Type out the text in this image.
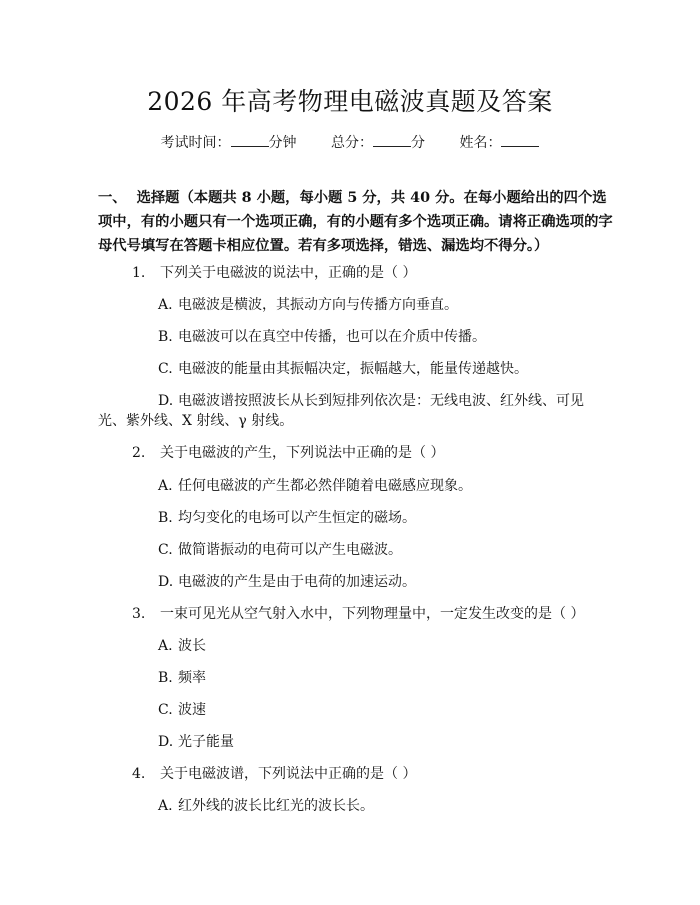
2026 年高考物理电磁波真题及答案
考试时间：	分钟 总分：	分 姓名：
一、 选择题（本题共 8 小题，每小题 5 分，共 40 分。在每小题给出的四个选项中，有的小题只有一个选项正确，有的小题有多个选项正确。请将正确选项的字母代号填写在答题卡相应位置。若有多项选择，错选、漏选均不得分。）
1. 下列关于电磁波的说法中，正确的是（ ）
A. 电磁波是横波，其振动方向与传播方向垂直。
B. 电磁波可以在真空中传播，也可以在介质中传播。
C. 电磁波的能量由其振幅决定，振幅越大，能量传递越快。
D. 电磁波谱按照波长从长到短排列依次是：无线电波、红外线、可见
光、紫外线、X 射线、γ 射线。
2. 关于电磁波的产生，下列说法中正确的是（ ）
A. 任何电磁波的产生都必然伴随着电磁感应现象。
B. 均匀变化的电场可以产生恒定的磁场。
C. 做简谐振动的电荷可以产生电磁波。
D. 电磁波的产生是由于电荷的加速运动。
3. 一束可见光从空气射入水中，下列物理量中，一定发生改变的是（ ）
A. 波长
B. 频率
C. 波速
D. 光子能量
4. 关于电磁波谱，下列说法中正确的是（ ）
A. 红外线的波长比红光的波长长。
